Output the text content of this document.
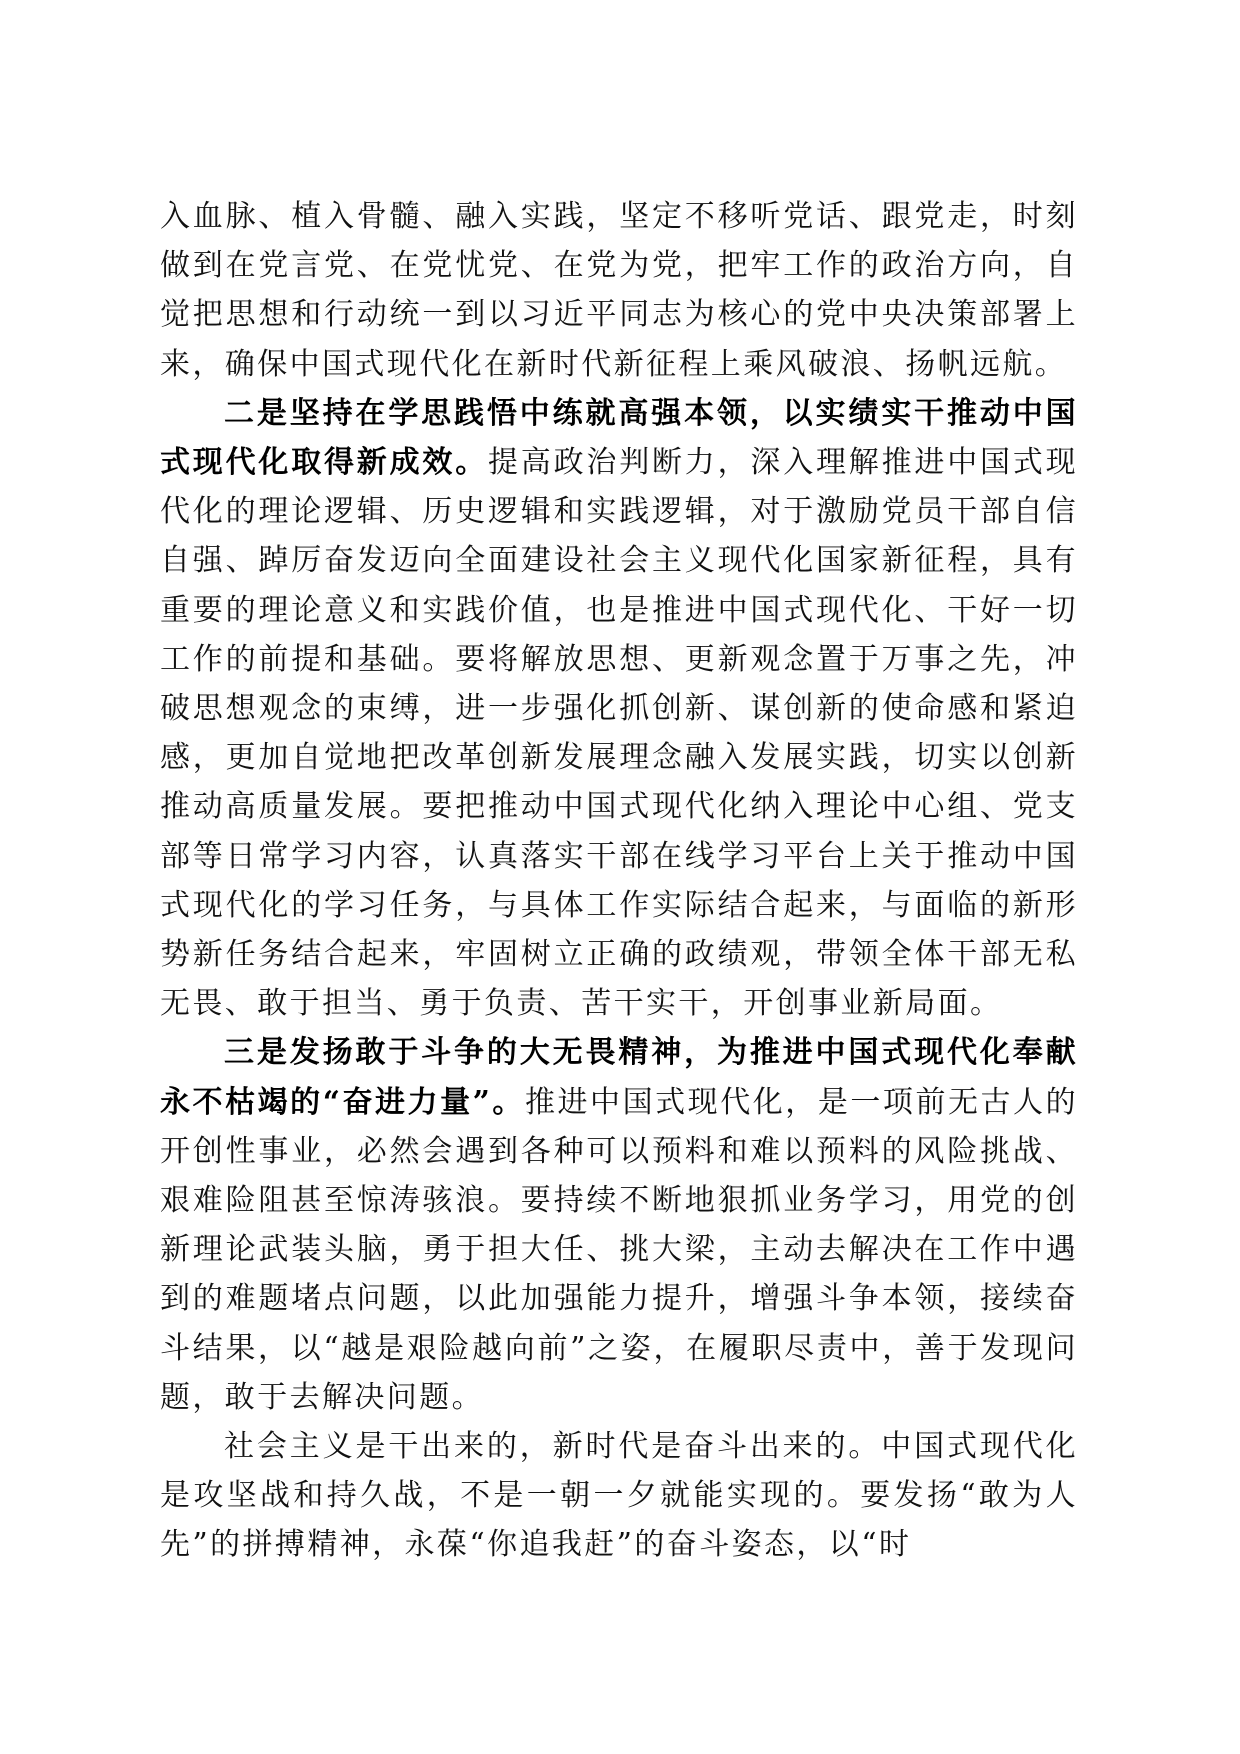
入血脉、植入骨髓、融入实践，坚定不移听党话、跟党走，时刻做到在党言党、在党忧党、在党为党，把牢工作的政治方向，自觉把思想和行动统一到以习近平同志为核心的党中央决策部署上来，确保中国式现代化在新时代新征程上乘风破浪、扬帆远航。

二是坚持在学思践悟中练就高强本领，以实绩实干推动中国式现代化取得新成效。提高政治判断力，深入理解推进中国式现代化的理论逻辑、历史逻辑和实践逻辑，对于激励党员干部自信自强、踔厉奋发迈向全面建设社会主义现代化国家新征程，具有重要的理论意义和实践价值，也是推进中国式现代化、干好一切工作的前提和基础。要将解放思想、更新观念置于万事之先，冲破思想观念的束缚，进一步强化抓创新、谋创新的使命感和紧迫感，更加自觉地把改革创新发展理念融入发展实践，切实以创新推动高质量发展。要把推动中国式现代化纳入理论中心组、党支部等日常学习内容，认真落实干部在线学习平台上关于推动中国式现代化的学习任务，与具体工作实际结合起来，与面临的新形势新任务结合起来，牢固树立正确的政绩观，带领全体干部无私无畏、敢于担当、勇于负责、苦干实干，开创事业新局面。

三是发扬敢于斗争的大无畏精神，为推进中国式现代化奉献永不枯竭的“奋进力量”。推进中国式现代化，是一项前无古人的开创性事业，必然会遇到各种可以预料和难以预料的风险挑战、艰难险阻甚至惊涛骇浪。要持续不断地狠抓业务学习，用党的创新理论武装头脑，勇于担大任、挑大梁，主动去解决在工作中遇到的难题堵点问题，以此加强能力提升，增强斗争本领，接续奋斗结果，以“越是艰险越向前”之姿，在履职尽责中，善于发现问题，敢于去解决问题。

社会主义是干出来的，新时代是奋斗出来的。中国式现代化是攻坚战和持久战，不是一朝一夕就能实现的。要发扬“敢为人先”的拼搏精神，永葆“你追我赶”的奋斗姿态，以“时
